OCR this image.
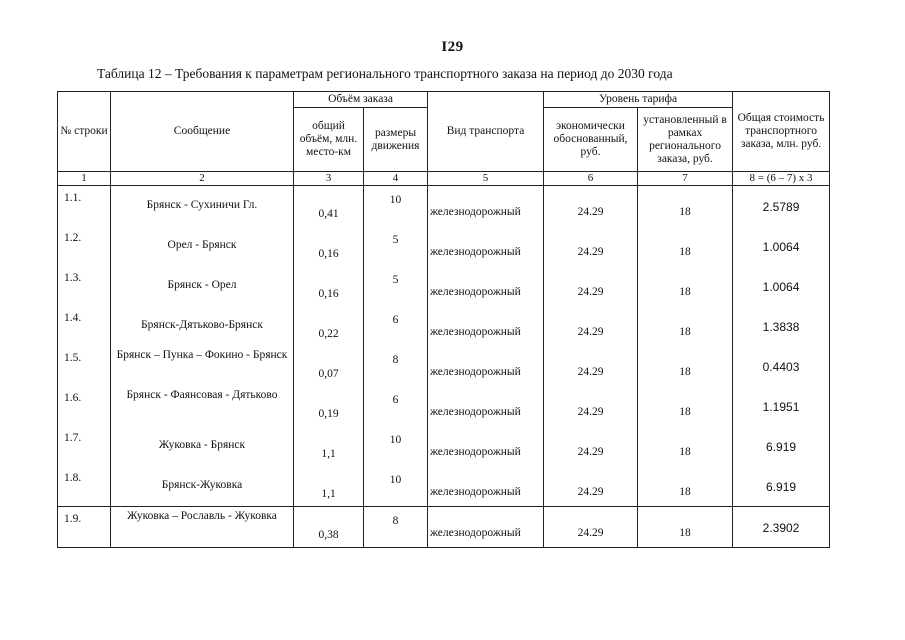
I29
Таблица 12 – Требования к параметрам регионального транспортного заказа на период до 2030 года
№ строки	Сообщение	Объём заказа		Вид транспорта	Уровень тарифа		Общая стоимость транспортного заказа, млн. руб.
		общий объём, млн. место-км	размеры движения		экономически обоснованный, руб.	установленный в рамках регионального заказа, руб.	
1	2	3	4	5	6	7	8 = (6 – 7) x 3

1.1.	Брянск - Сухиничи Гл.	0,41	10	железнодорожный	24.29	18	2.5789

1.2.	Орел - Брянск	0,16	5	железнодорожный	24.29	18	1.0064

1.3.	Брянск - Орел	0,16	5	железнодорожный	24.29	18	1.0064

1.4.	Брянск-Дятьково-Брянск	0,22	6	железнодорожный	24.29	18	1.3838

1.5.	Брянск – Пунка – Фокино - Брянск	0,07	8	железнодорожный	24.29	18	0.4403

1.6.	Брянск - Фаянсовая - Дятьково	0,19	6	железнодорожный	24.29	18	1.1951

1.7.	Жуковка - Брянск	1,1	10	железнодорожный	24.29	18	6.919

1.8.	Брянск-Жуковка	1,1	10	железнодорожный	24.29	18	6.919

1.9.	Жуковка – Рославль - Жуковка	0,38	8	железнодорожный	24.29	18	2.3902
